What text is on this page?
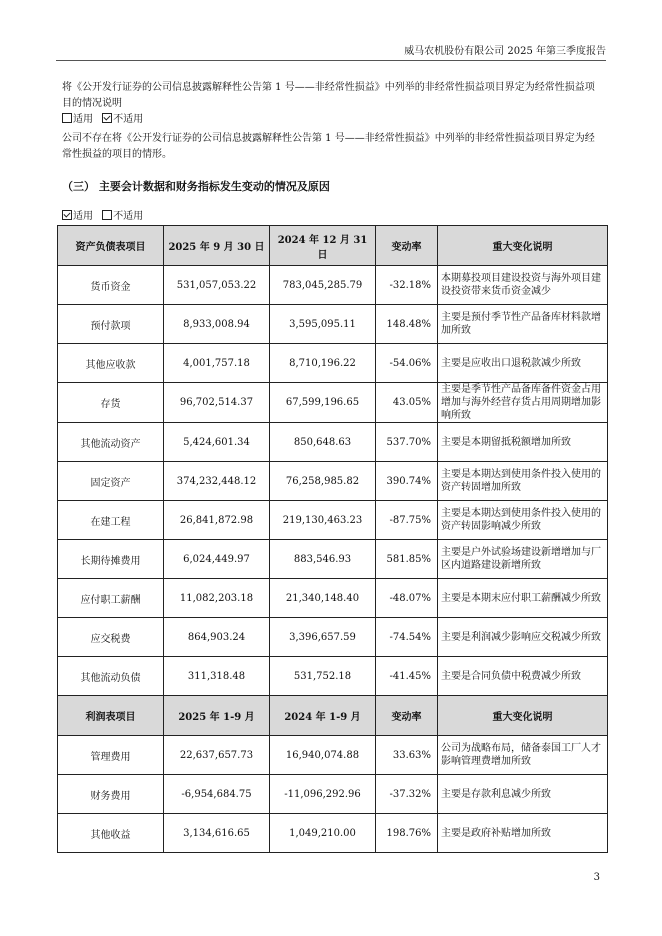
威马农机股份有限公司 2025 年第三季度报告

将《公开发行证券的公司信息披露解释性公告第 1 号——非经常性损益》中列举的非经常性损益项目界定为经常性损益项目的情况说明

适用 不适用

公司不存在将《公开发行证券的公司信息披露解释性公告第 1 号——非经常性损益》中列举的非经常性损益项目界定为经常性损益的项目的情形。

（三） 主要会计数据和财务指标发生变动的情况及原因
适用 不适用
资产负债表项目	2025 年 9 月 30 日	2024 年 12 月 31 日	变动率	重大变化说明
货币资金	531,057,053.22	783,045,285.79	-32.18%	本期募投项目建设投资与海外项目建设投资带来货币资金减少
预付款项	8,933,008.94	3,595,095.11	148.48%	主要是预付季节性产品备库材料款增加所致
其他应收款	4,001,757.18	8,710,196.22	-54.06%	主要是应收出口退税款减少所致
存货	96,702,514.37	67,599,196.65	43.05%	主要是季节性产品备库备件资金占用增加与海外经营存货占用周期增加影响所致
其他流动资产	5,424,601.34	850,648.63	537.70%	主要是本期留抵税额增加所致
固定资产	374,232,448.12	76,258,985.82	390.74%	主要是本期达到使用条件投入使用的资产转固增加所致
在建工程	26,841,872.98	219,130,463.23	-87.75%	主要是本期达到使用条件投入使用的资产转固影响减少所致
长期待摊费用	6,024,449.97	883,546.93	581.85%	主要是户外试验场建设新增增加与厂区内道路建设新增所致
应付职工薪酬	11,082,203.18	21,340,148.40	-48.07%	主要是本期末应付职工薪酬减少所致
应交税费	864,903.24	3,396,657.59	-74.54%	主要是利润减少影响应交税减少所致
其他流动负债	311,318.48	531,752.18	-41.45%	主要是合同负债中税费减少所致
利润表项目	2025 年 1-9 月	2024 年 1-9 月	变动率	重大变化说明
管理费用	22,637,657.73	16,940,074.88	33.63%	公司为战略布局，储备泰国工厂人才影响管理费增加所致
财务费用	-6,954,684.75	-11,096,292.96	-37.32%	主要是存款利息减少所致
其他收益	3,134,616.65	1,049,210.00	198.76%	主要是政府补贴增加所致
3
